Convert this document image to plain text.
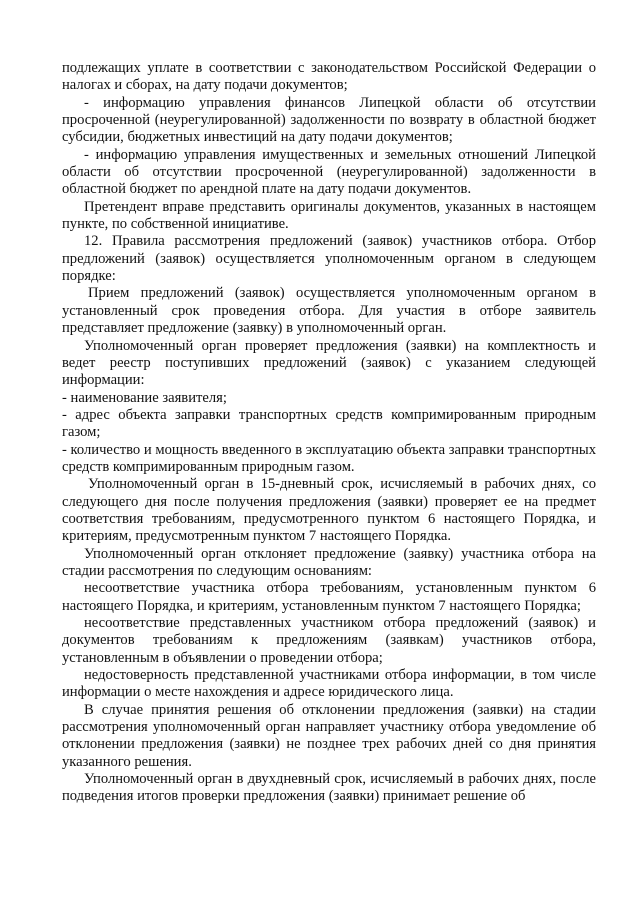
подлежащих уплате в соответствии с законодательством Российской Федерации о налогах и сборах, на дату подачи документов;

- информацию управления финансов Липецкой области об отсутствии просроченной (неурегулированной) задолженности по возврату в областной бюджет субсидии, бюджетных инвестиций на дату подачи документов;

- информацию управления имущественных и земельных отношений Липецкой области об отсутствии просроченной (неурегулированной) задолженности в областной бюджет по арендной плате на дату подачи документов.

Претендент вправе представить оригиналы документов, указанных в настоящем пункте, по собственной инициативе.

12. Правила рассмотрения предложений (заявок) участников отбора. Отбор предложений (заявок) осуществляется уполномоченным органом в следующем порядке:

Прием предложений (заявок) осуществляется уполномоченным органом в установленный срок проведения отбора. Для участия в отборе заявитель представляет предложение (заявку) в уполномоченный орган.

Уполномоченный орган проверяет предложения (заявки) на комплектность и ведет реестр поступивших предложений (заявок) с указанием следующей информации:

- наименование заявителя;

- адрес объекта заправки транспортных средств компримированным природным газом;

- количество и мощность введенного в эксплуатацию объекта заправки транспортных средств компримированным природным газом.

Уполномоченный орган в 15-дневный срок, исчисляемый в рабочих днях, со следующего дня после получения предложения (заявки) проверяет ее на предмет соответствия требованиям, предусмотренного пунктом 6 настоящего Порядка, и критериям, предусмотренным пунктом 7 настоящего Порядка.

Уполномоченный орган отклоняет предложение (заявку) участника отбора на стадии рассмотрения по следующим основаниям:

несоответствие участника отбора требованиям, установленным пунктом 6 настоящего Порядка, и критериям, установленным пунктом 7 настоящего Порядка;

несоответствие представленных участником отбора предложений (заявок) и документов требованиям к предложениям (заявкам) участников отбора, установленным в объявлении о проведении отбора;

недостоверность представленной участниками отбора информации, в том числе информации о месте нахождения и адресе юридического лица.

В случае принятия решения об отклонении предложения (заявки) на стадии рассмотрения уполномоченный орган направляет участнику отбора уведомление об отклонении предложения (заявки) не позднее трех рабочих дней со дня принятия указанного решения.

Уполномоченный орган в двухдневный срок, исчисляемый в рабочих днях, после подведения итогов проверки предложения (заявки) принимает решение об
